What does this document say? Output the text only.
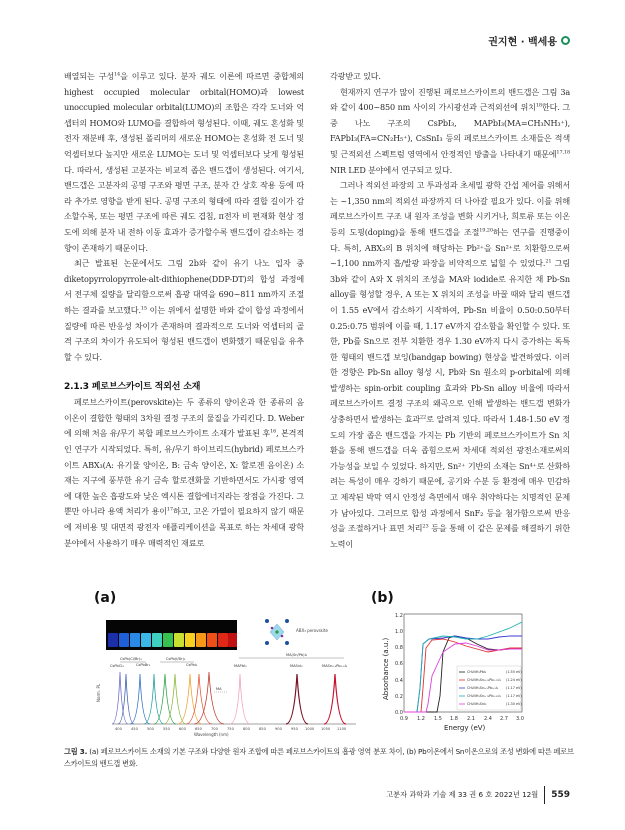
권지현 · 백세용

배열되는 구성$^{14}$을 이루고 있다. 분자 궤도 이론에 따르면 중합체의 highest occupied molecular orbital(HOMO)과 lowest unoccupied molecular orbital(LUMO)의 조합은 각각 도너와 억셉터의 HOMO와 LUMO를 결합하여 형성된다. 이때, 궤도 혼성화 및 전자 재분배 후, 생성된 폴리머의 새로운 HOMO는 혼성화 전 도너 및 억셉터보다 높지만 새로운 LUMO는 도너 및 억셉터보다 낮게 형성된다. 따라서, 생성된 고분자는 비교적 좁은 밴드갭이 생성된다. 여기서, 밴드갭은 고분자의 공명 구조와 평면 구조, 분자 간 상호 작용 등에 따라 추가로 영향을 받게 된다. 공명 구조의 형태에 따라 결합 길이가 감소할수록, 또는 평면 구조에 따른 궤도 겹침, π전자 비 편재화 현상 정도에 의해 분자 내 전하 이동 효과가 증가할수록 밴드갭이 감소하는 경향이 존재하기 때문이다.

최근 발표된 논문에서도 그림 2b와 같이 유기 나노 입자 중 diketopyrrolopyrrole-alt-dithiophene(DDP-DT)의 합성 과정에서 전구체 질량을 달리함으로써 흡광 대역을 690~811 nm까지 조절하는 결과를 보고했다.$^{15}$ 이는 위에서 설명한 바와 같이 합성 과정에서 질량에 따른 반응성 차이가 존재하며 결과적으로 도너와 억셉터의 골격 구조의 차이가 유도되어 형성된 밴드갭이 변화했기 때문임을 유추할 수 있다.

2.1.3 페로브스카이트 적외선 소재

페로브스카이트(perovskite)는 두 종류의 양이온과 한 종류의 음이온이 결합한 형태의 3차원 결정 구조의 물질을 가리킨다. D. Weber에 의해 처음 유/무기 복합 페로브스카이트 소재가 발표된 후$^{16}$, 본격적인 연구가 시작되었다. 특히, 유/무기 하이브리드(hybrid) 페로브스카이트 ABX₃(A: 유기물 양이온, B: 금속 양이온, X: 할로겐 음이온) 소재는 지구에 풍부한 유기 금속 할로겐화물 기반하면서도 가시광 영역에 대한 높은 흡광도와 낮은 엑시톤 결합에너지라는 장점을 가진다. 그 뿐만 아니라 용액 처리가 용이$^{17}$하고, 고온 가열이 필요하지 않기 때문에 저비용 및 대면적 광전자 애플리케이션을 목표로 하는 차세대 광학 분야에서 사용하기 매우 매력적인 재료로

각광받고 있다.

현재까지 연구가 많이 진행된 페로브스카이트의 밴드갭은 그림 3a와 같이 400~850 nm 사이의 가시광선과 근적외선에 위치$^{18}$한다. 그 중 나노 구조의 CsPbI₃, MAPbI₃(MA=CH₃NH₃⁺), FAPbI₃(FA=CN₂H₅⁺), CsSnI₃ 등의 페로브스카이트 소재들은 적색 및 근적외선 스펙트럼 영역에서 안정적인 방출을 나타내기 때문에$^{17,18}$ NIR LED 분야에서 연구되고 있다.

그러나 적외선 파장의 고 투과성과 초세밀 광학 간섭 제어를 위해서는 ~1,350 nm의 적외선 파장까지 더 나아갈 필요가 있다. 이를 위해 페로브스카이트 구조 내 원자 조성을 변화 시키거나, 희토류 또는 이온 등의 도핑(doping)을 통해 밴드갭을 조절$^{19,20}$하는 연구를 진행중이다. 특히, ABX₃의 B 위치에 해당하는 Pb²⁺을 Sn²⁺로 치환함으로써 ~1,100 nm까지 흡/발광 파장을 비약적으로 넓힐 수 있었다.$^{21}$ 그림 3b와 같이 A와 X 위치의 조성을 MA와 iodide로 유지한 채 Pb-Sn alloy를 형성할 경우, A 또는 X 위치의 조성을 바꿀 때와 달리 밴드갭이 1.55 eV에서 감소하기 시작하여, Pb-Sn 비율이 0.50:0.50부터 0.25:0.75 범위에 이를 때, 1.17 eV까지 감소함을 확인할 수 있다. 또한, Pb를 Sn으로 전부 치환한 경우 1.30 eV까지 다시 증가하는 독특한 형태의 밴드갭 보잉(bandgap bowing) 현상을 발견하였다. 이러한 경향은 Pb-Sn alloy 형성 시, Pb와 Sn 원소의 p-orbital에 의해 발생하는 spin-orbit coupling 효과와 Pb-Sn alloy 비율에 따라서 페로브스카이트 결정 구조의 왜곡으로 인해 발생하는 밴드갭 변화가 상충하면서 발생하는 효과$^{22}$로 알려져 있다. 따라서 1.48-1.50 eV 정도의 가장 좁은 밴드갭을 가지는 Pb 기반의 페로브스카이트가 Sn 치환을 통해 밴드갭을 더욱 좁힘으로써 차세대 적외선 광전소재로써의 가능성을 보일 수 있었다. 하지만, Sn²⁺ 기반의 소재는 Sn⁴⁺로 산화하려는 특성이 매우 강하기 때문에, 공기와 수분 등 환경에 매우 민감하고 제작된 박막 역시 안정성 측면에서 매우 취약하다는 치명적인 문제가 남아있다. 그러므로 합성 과정에서 SnF₂ 등을 첨가함으로써 반응성을 조절하거나 표면 처리$^{23}$ 등을 통해 이 같은 문제를 해결하기 위한 노력이

(a)	(b)
ABX₃ perovskite
Norm. PL
400	450	500	550	600	650	700	750	800	850	900	950 1000 1050 1100
Wavelength (nm)
CsPbCl₃
CsPb(Cl/Br)₃
CsPbBr₃
CsPb(I/Br)₃
CsPbI₃	MAPbI₃	MASnI₃	MASn₀.₅Pb₀.₅I₃
MA(Sn/Pb)I₃
MA
0.0
0.2
0.4
0.6
0.8
1.0
1.2
0.9 1.2 1.5 1.8 2.1 2.4 2.7 3.0
Energy (eV)
Absorbance (a.u.)	CH₃NH₃PbI₃	(1.55 eV)
CH₃NH₃Sn₀.₂₅Pb₀.₇₅I₃ (1.24 eV)
CH₃NH₃Sn₀.₅Pb₀.₅I₃ (1.17 eV)
CH₃NH₃Sn₀.₇₅Pb₀.₂₅I₃ (1.17 eV)
CH₃NH₃SnI₃	(1.30 eV)
그림 3. (a) 페로브스카이트 소재의 기본 구조와 다양한 원자 조합에 따른 페로브스카이트의 흡광 영역 분포 차이, (b) Pb이온에서 Sn이온으로의 조성 변화에 따른 페로브스카이트의 밴드갭 변화.
고분자 과학과 기술 제 33 권 6 호 2022년 12월 559
